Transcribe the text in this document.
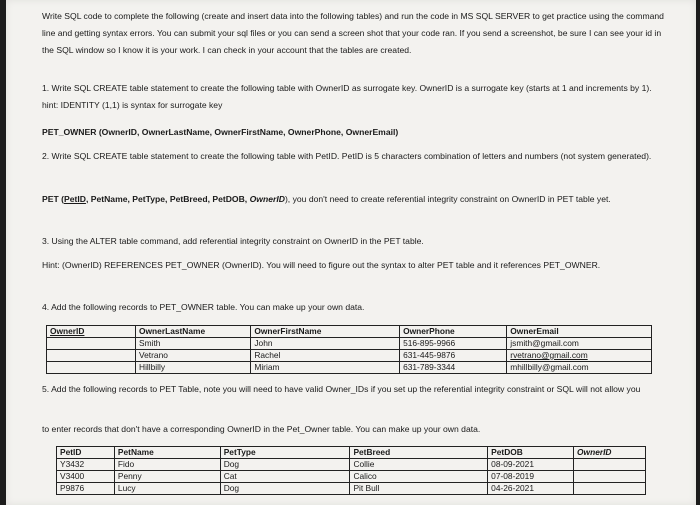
Write SQL code to complete the following (create and insert data into the following tables) and run the code in MS SQL SERVER to get practice using the command line and getting syntax errors. You can submit your sql files or you can send a screen shot that your code ran. If you send a screenshot, be sure I can see your id in the SQL window so I know it is your work. I can check in your account that the tables are created.

1. Write SQL CREATE table statement to create the following table with OwnerID as surrogate key. OwnerID is a surrogate key (starts at 1 and increments by 1). hint: IDENTITY (1,1) is syntax for surrogate key

PET_OWNER (OwnerID, OwnerLastName, OwnerFirstName, OwnerPhone, OwnerEmail)

2. Write SQL CREATE table statement to create the following table with PetID. PetID is 5 characters combination of letters and numbers (not system generated).

PET (PetID, PetName, PetType, PetBreed, PetDOB, OwnerID), you don't need to create referential integrity constraint on OwnerID in PET table yet.

3. Using the ALTER table command, add referential integrity constraint on OwnerID in the PET table.

Hint: (OwnerID) REFERENCES PET_OWNER (OwnerID). You will need to figure out the syntax to alter PET table and it references PET_OWNER.

4. Add the following records to PET_OWNER table. You can make up your own data.

OwnerID	OwnerLastName	OwnerFirstName	OwnerPhone	OwnerEmail
	Smith	John	516-895-9966	jsmith@gmail.com
	Vetrano	Rachel	631-445-9876	rvetrano@gmail.com
	Hillbilly	Miriam	631-789-3344	mhillbilly@gmail.com

5. Add the following records to PET Table, note you will need to have valid Owner_IDs if you set up the referential integrity constraint or SQL will not allow you

to enter records that don't have a corresponding OwnerID in the Pet_Owner table. You can make up your own data.

PetID	PetName	PetType	PetBreed	PetDOB	OwnerID
Y3432	Fido	Dog	Collie	08-09-2021	
V3400	Penny	Cat	Calico	07-08-2019	
P9876	Lucy	Dog	Pit Bull	04-26-2021	
